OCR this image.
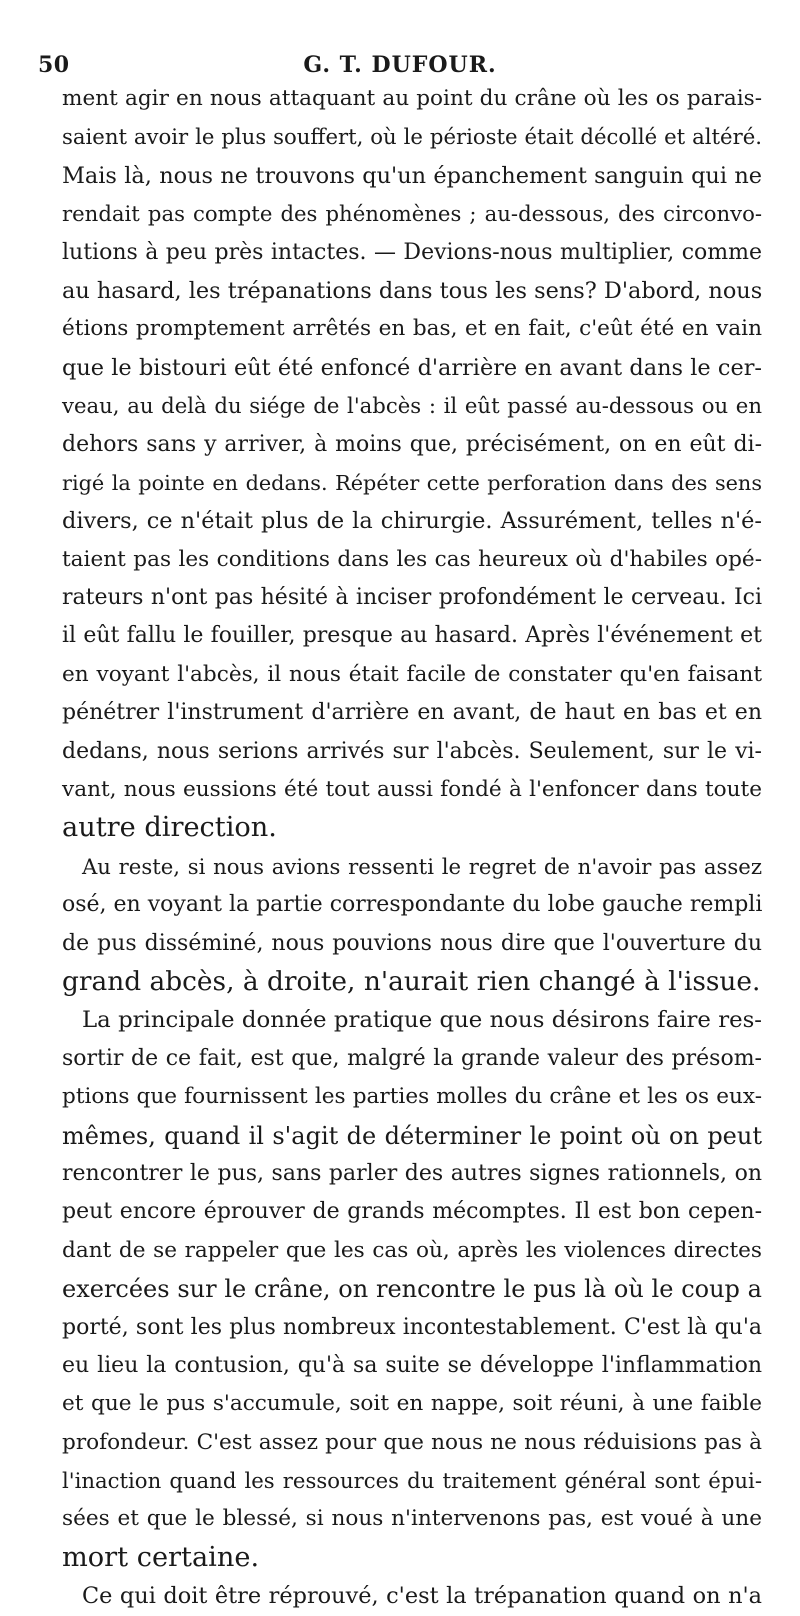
50	G. T. DUFOUR.
ment agir en nous attaquant au point du crâne où les os parais-
saient avoir le plus souffert, où le périoste était décollé et altéré.
Mais là, nous ne trouvons qu'un épanchement sanguin qui ne
rendait pas compte des phénomènes ; au-dessous, des circonvo-
lutions à peu près intactes. — Devions-nous multiplier, comme
au hasard, les trépanations dans tous les sens? D'abord, nous
étions promptement arrêtés en bas, et en fait, c'eût été en vain
que le bistouri eût été enfoncé d'arrière en avant dans le cer-
veau, au delà du siége de l'abcès : il eût passé au-dessous ou en
dehors sans y arriver, à moins que, précisément, on en eût di-
rigé la pointe en dedans. Répéter cette perforation dans des sens
divers, ce n'était plus de la chirurgie. Assurément, telles n'é-
taient pas les conditions dans les cas heureux où d'habiles opé-
rateurs n'ont pas hésité à inciser profondément le cerveau. Ici
il eût fallu le fouiller, presque au hasard. Après l'événement et
en voyant l'abcès, il nous était facile de constater qu'en faisant
pénétrer l'instrument d'arrière en avant, de haut en bas et en
dedans, nous serions arrivés sur l'abcès. Seulement, sur le vi-
vant, nous eussions été tout aussi fondé à l'enfoncer dans toute
autre direction.
Au reste, si nous avions ressenti le regret de n'avoir pas assez
osé, en voyant la partie correspondante du lobe gauche rempli
de pus disséminé, nous pouvions nous dire que l'ouverture du
grand abcès, à droite, n'aurait rien changé à l'issue.
La principale donnée pratique que nous désirons faire res-
sortir de ce fait, est que, malgré la grande valeur des présom-
ptions que fournissent les parties molles du crâne et les os eux-
mêmes, quand il s'agit de déterminer le point où on peut
rencontrer le pus, sans parler des autres signes rationnels, on
peut encore éprouver de grands mécomptes. Il est bon cepen-
dant de se rappeler que les cas où, après les violences directes
exercées sur le crâne, on rencontre le pus là où le coup a
porté, sont les plus nombreux incontestablement. C'est là qu'a
eu lieu la contusion, qu'à sa suite se développe l'inflammation
et que le pus s'accumule, soit en nappe, soit réuni, à une faible
profondeur. C'est assez pour que nous ne nous réduisions pas à
l'inaction quand les ressources du traitement général sont épui-
sées et que le blessé, si nous n'intervenons pas, est voué à une
mort certaine.
Ce qui doit être réprouvé, c'est la trépanation quand on n'a
